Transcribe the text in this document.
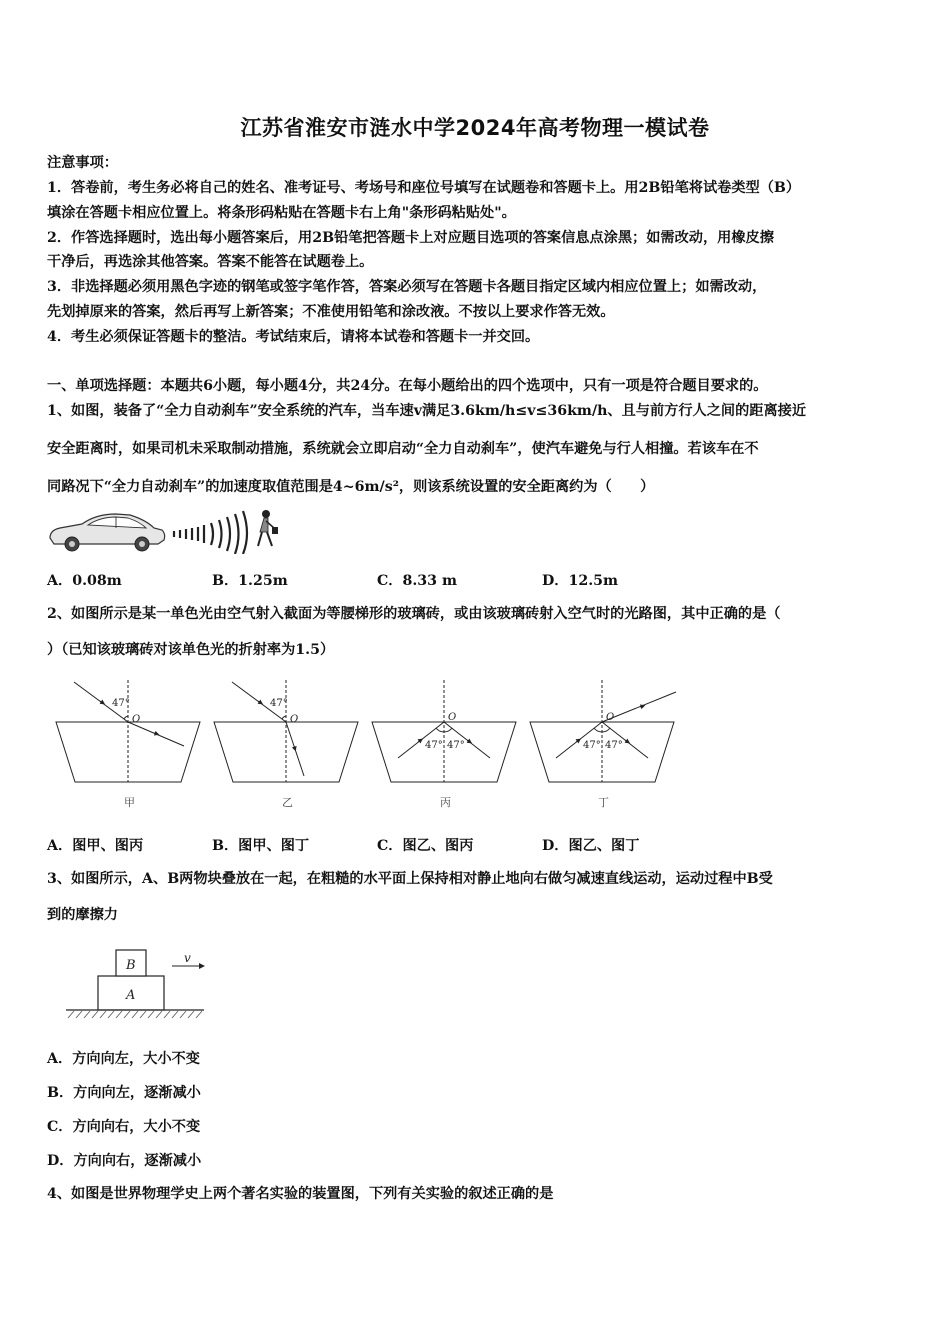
江苏省淮安市涟水中学2024年高考物理一模试卷
注意事项：
1．答卷前，考生务必将自己的姓名、准考证号、考场号和座位号填写在试题卷和答题卡上。用2B铅笔将试卷类型（B）
填涂在答题卡相应位置上。将条形码粘贴在答题卡右上角"条形码粘贴处"。
2．作答选择题时，选出每小题答案后，用2B铅笔把答题卡上对应题目选项的答案信息点涂黑；如需改动，用橡皮擦
干净后，再选涂其他答案。答案不能答在试题卷上。
3．非选择题必须用黑色字迹的钢笔或签字笔作答，答案必须写在答题卡各题目指定区域内相应位置上；如需改动，
先划掉原来的答案，然后再写上新答案；不准使用铅笔和涂改液。不按以上要求作答无效。
4．考生必须保证答题卡的整洁。考试结束后，请将本试卷和答题卡一并交回。
一、单项选择题：本题共6小题，每小题4分，共24分。在每小题给出的四个选项中，只有一项是符合题目要求的。
1、如图，装备了“全力自动刹车”安全系统的汽车，当车速v满足3.6km/h≤v≤36km/h、且与前方行人之间的距离接近
安全距离时，如果司机未采取制动措施，系统就会立即启动“全力自动刹车”，使汽车避免与行人相撞。若该车在不
同路况下“全力自动刹车”的加速度取值范围是4~6m/s²，则该系统设置的安全距离约为（　　）
A．0.08m	B．1.25m	C．8.33 m	D．12.5m
2、如图所示是某一单色光由空气射入截面为等腰梯形的玻璃砖，或由该玻璃砖射入空气时的光路图，其中正确的是（
）（已知该玻璃砖对该单色光的折射率为1.5）
47°
O
47°
O	O
47° 47°
O
47° 47°
甲	乙	丙	丁
A．图甲、图丙	B．图甲、图丁	C．图乙、图丙	D．图乙、图丁
3、如图所示，A、B两物块叠放在一起，在粗糙的水平面上保持相对静止地向右做匀减速直线运动，运动过程中B受
到的摩擦力
B
A
v
A．方向向左，大小不变
B．方向向左，逐渐减小
C．方向向右，大小不变
D．方向向右，逐渐减小
4、如图是世界物理学史上两个著名实验的装置图，下列有关实验的叙述正确的是
